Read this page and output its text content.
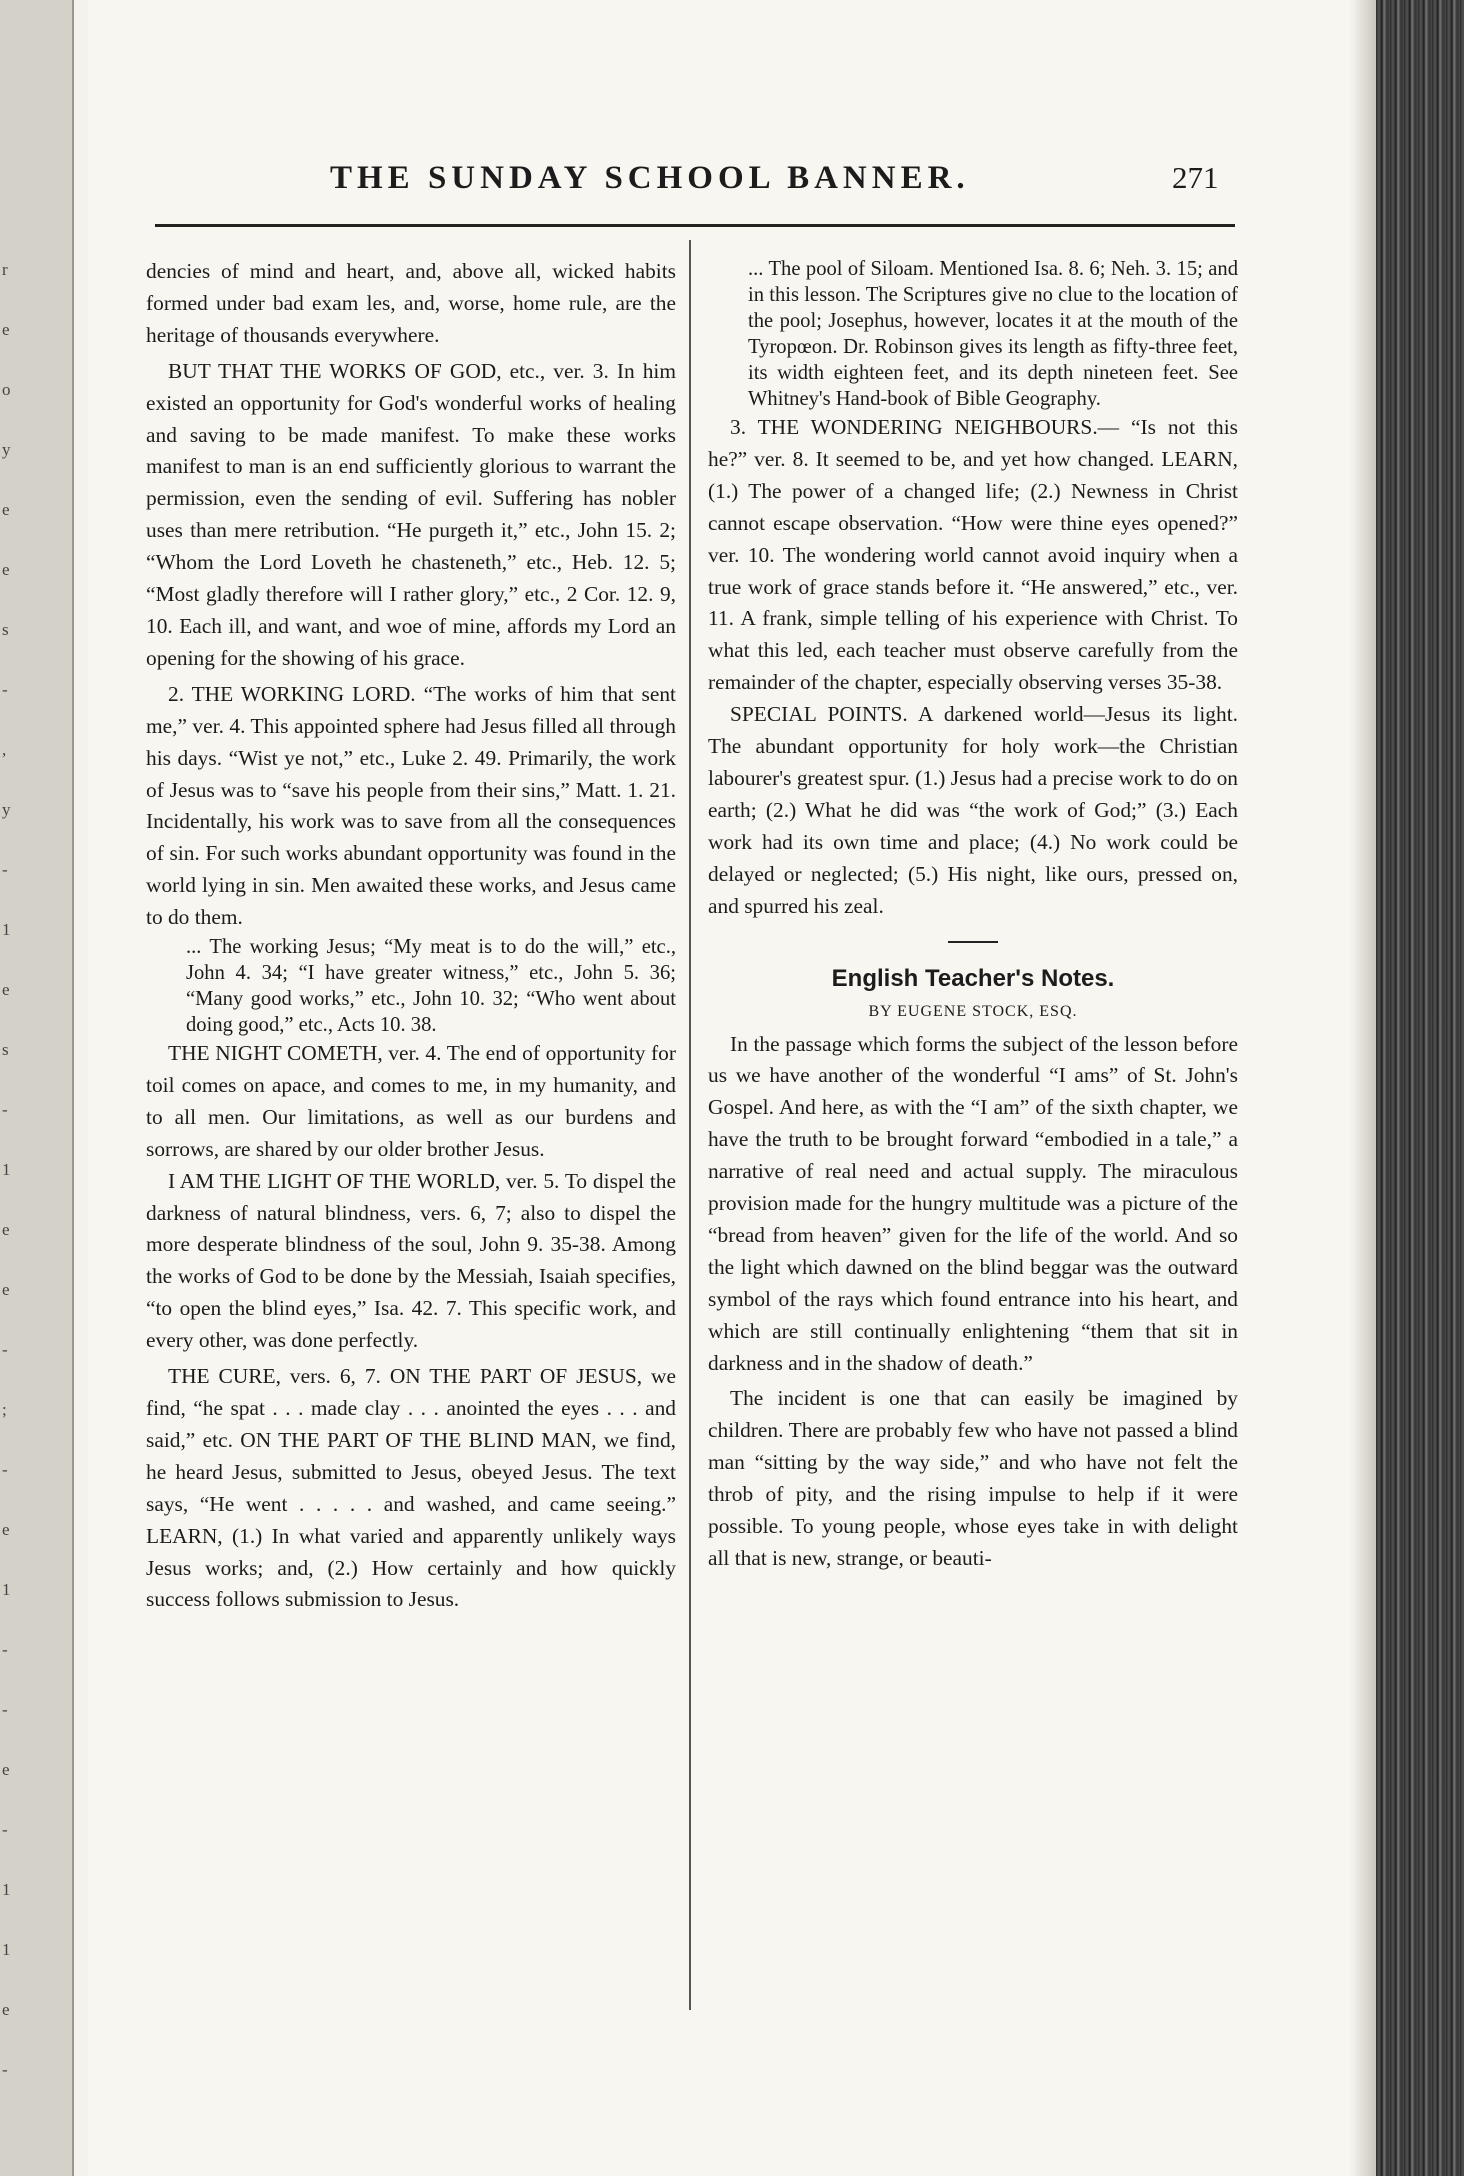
r
e
o
y
e
e
s
-
,
y
-
1
e
s
-
1
e
e
-
;
-
e
1
-
-
e
-
1
1
e
-
THE SUNDAY SCHOOL BANNER.	271

dencies of mind and heart, and, above all, wicked habits formed under bad exam les, and, worse, home rule, are the heritage of thousands everywhere.

BUT THAT THE WORKS OF GOD, etc., ver. 3. In him existed an opportunity for God's wonderful works of healing and saving to be made manifest. To make these works manifest to man is an end sufficiently glorious to warrant the permission, even the sending of evil. Suffering has nobler uses than mere retribution. “He purgeth it,” etc., John 15. 2; “Whom the Lord Loveth he chasteneth,” etc., Heb. 12. 5; “Most gladly therefore will I rather glory,” etc., 2 Cor. 12. 9, 10. Each ill, and want, and woe of mine, affords my Lord an opening for the showing of his grace.

2. THE WORKING LORD. “The works of him that sent me,” ver. 4. This appointed sphere had Jesus filled all through his days. “Wist ye not,” etc., Luke 2. 49. Primarily, the work of Jesus was to “save his people from their sins,” Matt. 1. 21. Incidentally, his work was to save from all the consequences of sin. For such works abundant opportunity was found in the world lying in sin. Men awaited these works, and Jesus came to do them.

... The working Jesus; “My meat is to do the will,” etc., John 4. 34; “I have greater witness,” etc., John 5. 36; “Many good works,” etc., John 10. 32; “Who went about doing good,” etc., Acts 10. 38.

THE NIGHT COMETH, ver. 4. The end of opportunity for toil comes on apace, and comes to me, in my humanity, and to all men. Our limitations, as well as our burdens and sorrows, are shared by our older brother Jesus.

I AM THE LIGHT OF THE WORLD, ver. 5. To dispel the darkness of natural blindness, vers. 6, 7; also to dispel the more desperate blindness of the soul, John 9. 35-38. Among the works of God to be done by the Messiah, Isaiah specifies, “to open the blind eyes,” Isa. 42. 7. This specific work, and every other, was done perfectly.

THE CURE, vers. 6, 7. ON THE PART OF JESUS, we find, “he spat . . . made clay . . . anointed the eyes . . . and said,” etc. ON THE PART OF THE BLIND MAN, we find, he heard Jesus, submitted to Jesus, obeyed Jesus. The text says, “He went . . . . . and washed, and came seeing.” LEARN, (1.) In what varied and apparently unlikely ways Jesus works; and, (2.) How certainly and how quickly success follows submission to Jesus.

... The pool of Siloam. Mentioned Isa. 8. 6; Neh. 3. 15; and in this lesson. The Scriptures give no clue to the location of the pool; Josephus, however, locates it at the mouth of the Tyropœon. Dr. Robinson gives its length as fifty-three feet, its width eighteen feet, and its depth nineteen feet. See Whitney's Hand-book of Bible Geography.

3. THE WONDERING NEIGHBOURS.— “Is not this he?” ver. 8. It seemed to be, and yet how changed. LEARN, (1.) The power of a changed life; (2.) Newness in Christ cannot escape observation. “How were thine eyes opened?” ver. 10. The wondering world cannot avoid inquiry when a true work of grace stands before it. “He answered,” etc., ver. 11. A frank, simple telling of his experience with Christ. To what this led, each teacher must observe carefully from the remainder of the chapter, especially observing verses 35-38.

SPECIAL POINTS. A darkened world—Jesus its light. The abundant opportunity for holy work—the Christian labourer's greatest spur. (1.) Jesus had a precise work to do on earth; (2.) What he did was “the work of God;” (3.) Each work had its own time and place; (4.) No work could be delayed or neglected; (5.) His night, like ours, pressed on, and spurred his zeal.

English Teacher's Notes.
BY EUGENE STOCK, ESQ.

In the passage which forms the subject of the lesson before us we have another of the wonderful “I ams” of St. John's Gospel. And here, as with the “I am” of the sixth chapter, we have the truth to be brought forward “embodied in a tale,” a narrative of real need and actual supply. The miraculous provision made for the hungry multitude was a picture of the “bread from heaven” given for the life of the world. And so the light which dawned on the blind beggar was the outward symbol of the rays which found entrance into his heart, and which are still continually enlightening “them that sit in darkness and in the shadow of death.”

The incident is one that can easily be imagined by children. There are probably few who have not passed a blind man “sitting by the way side,” and who have not felt the throb of pity, and the rising impulse to help if it were possible. To young people, whose eyes take in with delight all that is new, strange, or beauti-
